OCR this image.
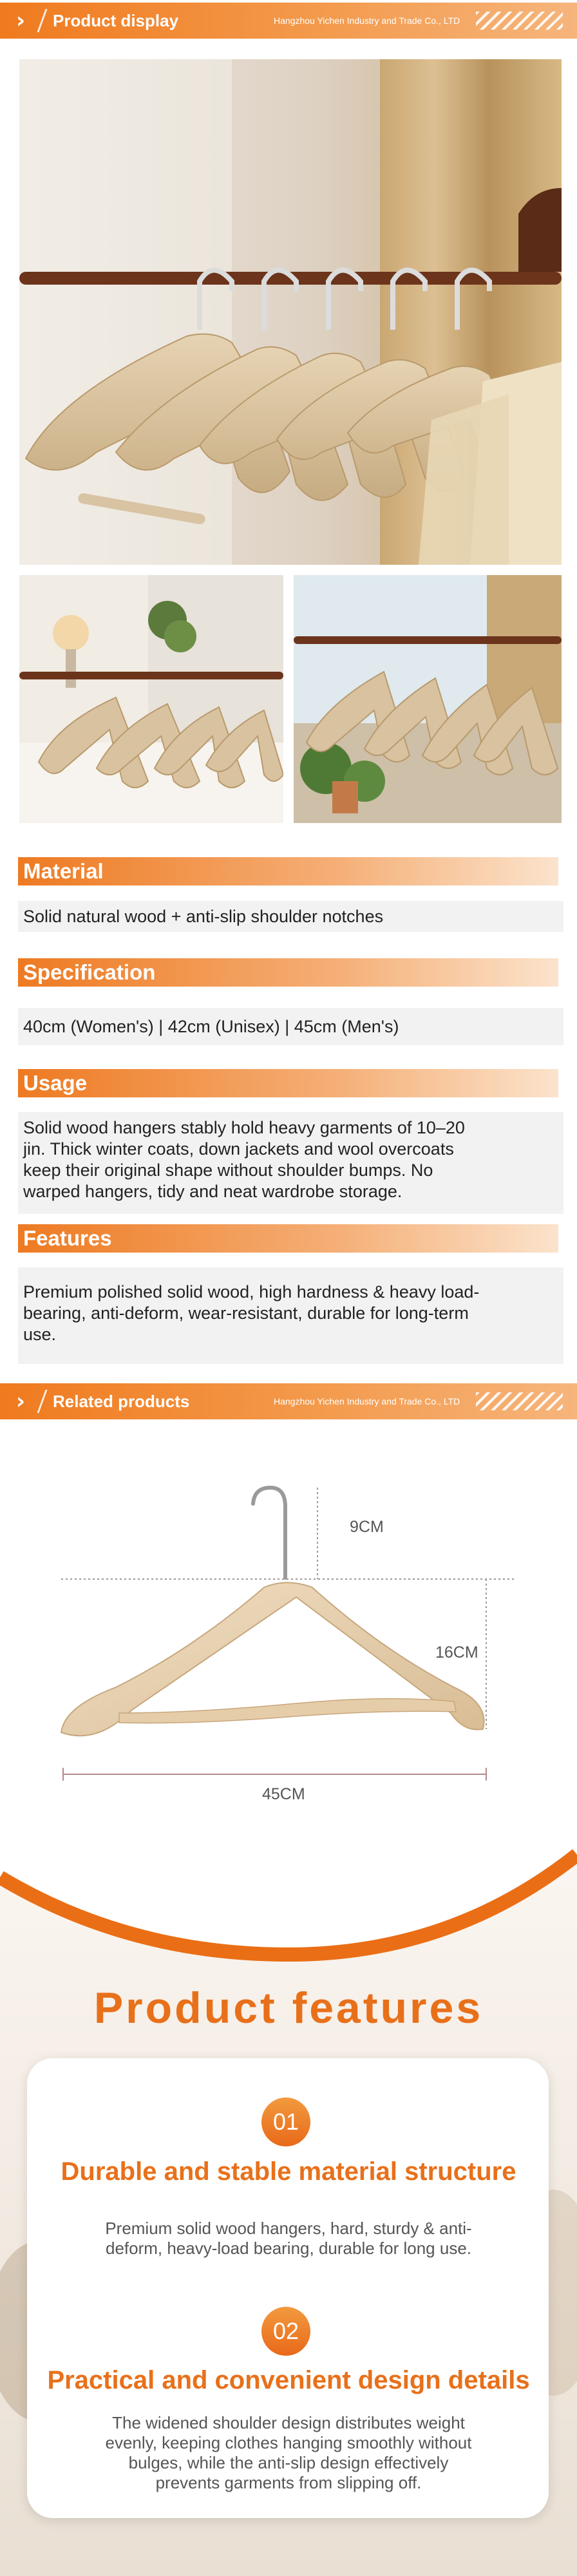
›	Product display	Hangzhou Yichen Industry and Trade Co., LTD
Material
Solid natural wood + anti-slip shoulder notches
Specification
40cm (Women's) | 42cm (Unisex) | 45cm (Men's)
Usage
Solid wood hangers stably hold heavy garments of 10–20
jin. Thick winter coats, down jackets and wool overcoats
keep their original shape without shoulder bumps. No
warped hangers, tidy and neat wardrobe storage.
Features
Premium polished solid wood, high hardness & heavy load-
bearing, anti-deform, wear-resistant, durable for long-term
use.
›	Related products	Hangzhou Yichen Industry and Trade Co., LTD
9CM
16CM
45CM
Product features
01
Durable and stable material structure
Premium solid wood hangers, hard, sturdy & anti-
deform, heavy-load bearing, durable for long use.
02
Practical and convenient design details
The widened shoulder design distributes weight
evenly, keeping clothes hanging smoothly without
bulges, while the anti-slip design effectively
prevents garments from slipping off.
